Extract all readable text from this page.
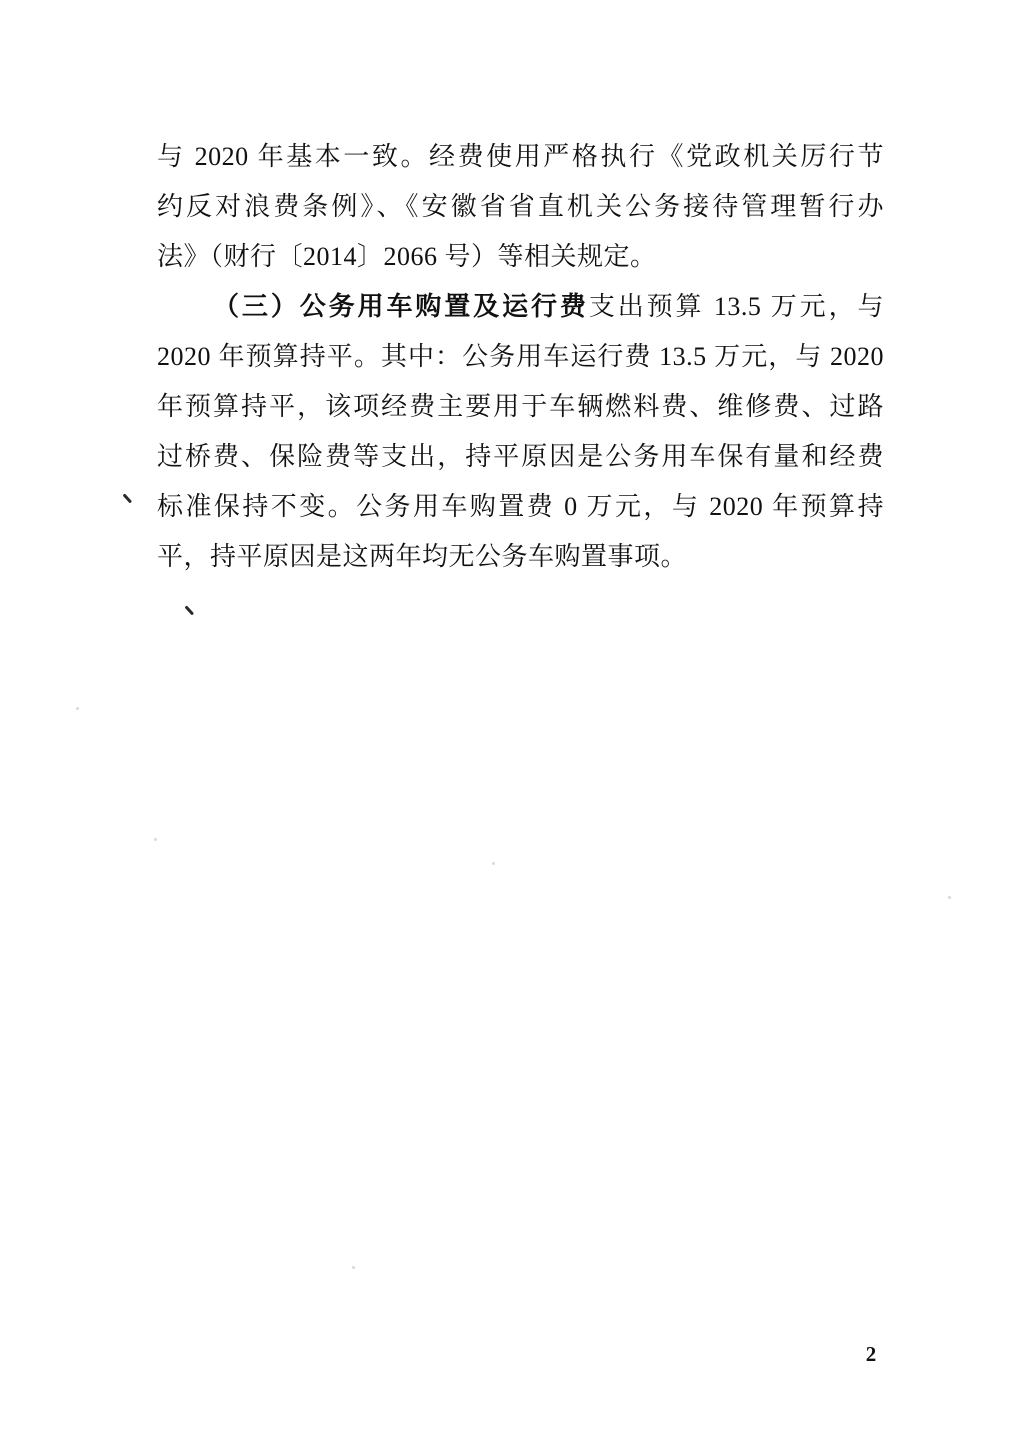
与 2020 年基本一致。经费使用严格执行《党政机关厉行节
约反对浪费条例》、《安徽省省直机关公务接待管理暂行办
法》（财行〔2014〕2066 号）等相关规定。
（三）公务用车购置及运行费支出预算 13.5 万元，与
2020 年预算持平。其中：公务用车运行费 13.5 万元，与 2020
年预算持平，该项经费主要用于车辆燃料费、维修费、过路
过桥费、保险费等支出，持平原因是公务用车保有量和经费
标准保持不变。公务用车购置费 0 万元，与 2020 年预算持
平，持平原因是这两年均无公务车购置事项。
2
